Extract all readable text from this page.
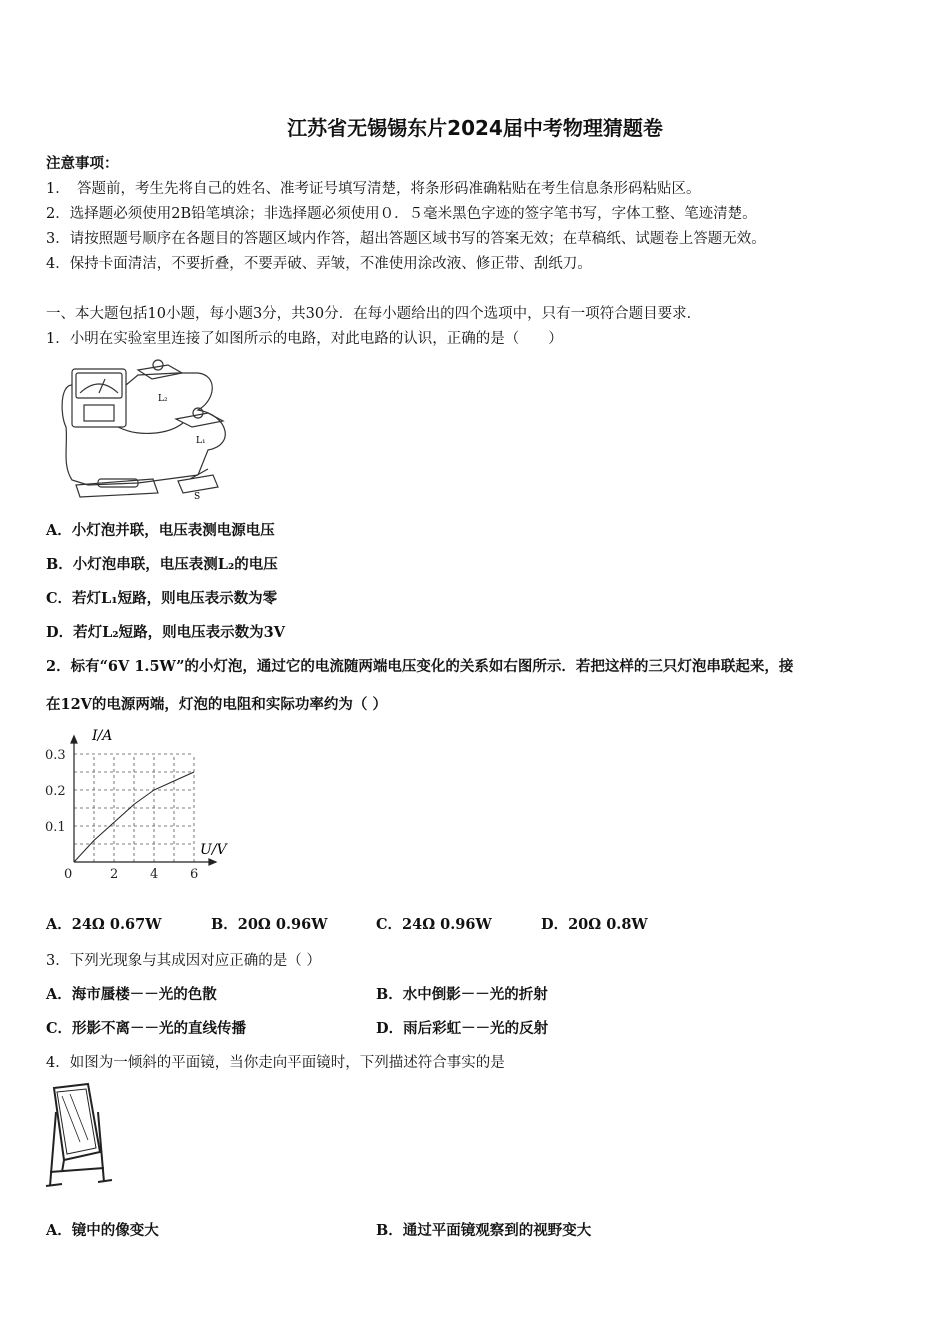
江苏省无锡锡东片2024届中考物理猜题卷
注意事项：
1．　答题前，考生先将自己的姓名、准考证号填写清楚，将条形码准确粘贴在考生信息条形码粘贴区。
2．选择题必须使用2B铅笔填涂；非选择题必须使用０．５毫米黑色字迹的签字笔书写，字体工整、笔迹清楚。
3．请按照题号顺序在各题目的答题区域内作答，超出答题区域书写的答案无效；在草稿纸、试题卷上答题无效。
4．保持卡面清洁，不要折叠，不要弄破、弄皱，不准使用涂改液、修正带、刮纸刀。
一、本大题包括10小题，每小题3分，共30分．在每小题给出的四个选项中，只有一项符合题目要求．
1．小明在实验室里连接了如图所示的电路，对此电路的认识，正确的是（　　）
L₂
L₁
S
A．小灯泡并联，电压表测电源电压
B．小灯泡串联，电压表测L₂的电压
C．若灯L₁短路，则电压表示数为零
D．若灯L₂短路，则电压表示数为3V
2．标有“6V 1.5W”的小灯泡，通过它的电流随两端电压变化的关系如右图所示．若把这样的三只灯泡串联起来，接
在12V的电源两端，灯泡的电阻和实际功率约为（ ）
0	2 4 6
0.1
0.2
0.3
I/A
U/V
A．24Ω 0.67W	B．20Ω 0.96W	C．24Ω 0.96W	D．20Ω 0.8W
3．下列光现象与其成因对应正确的是（ ）
A．海市蜃楼－－光的色散	B．水中倒影－－光的折射
C．形影不离－－光的直线传播	D．雨后彩虹－－光的反射
4．如图为一倾斜的平面镜，当你走向平面镜时，下列描述符合事实的是
A．镜中的像变大	B．通过平面镜观察到的视野变大
